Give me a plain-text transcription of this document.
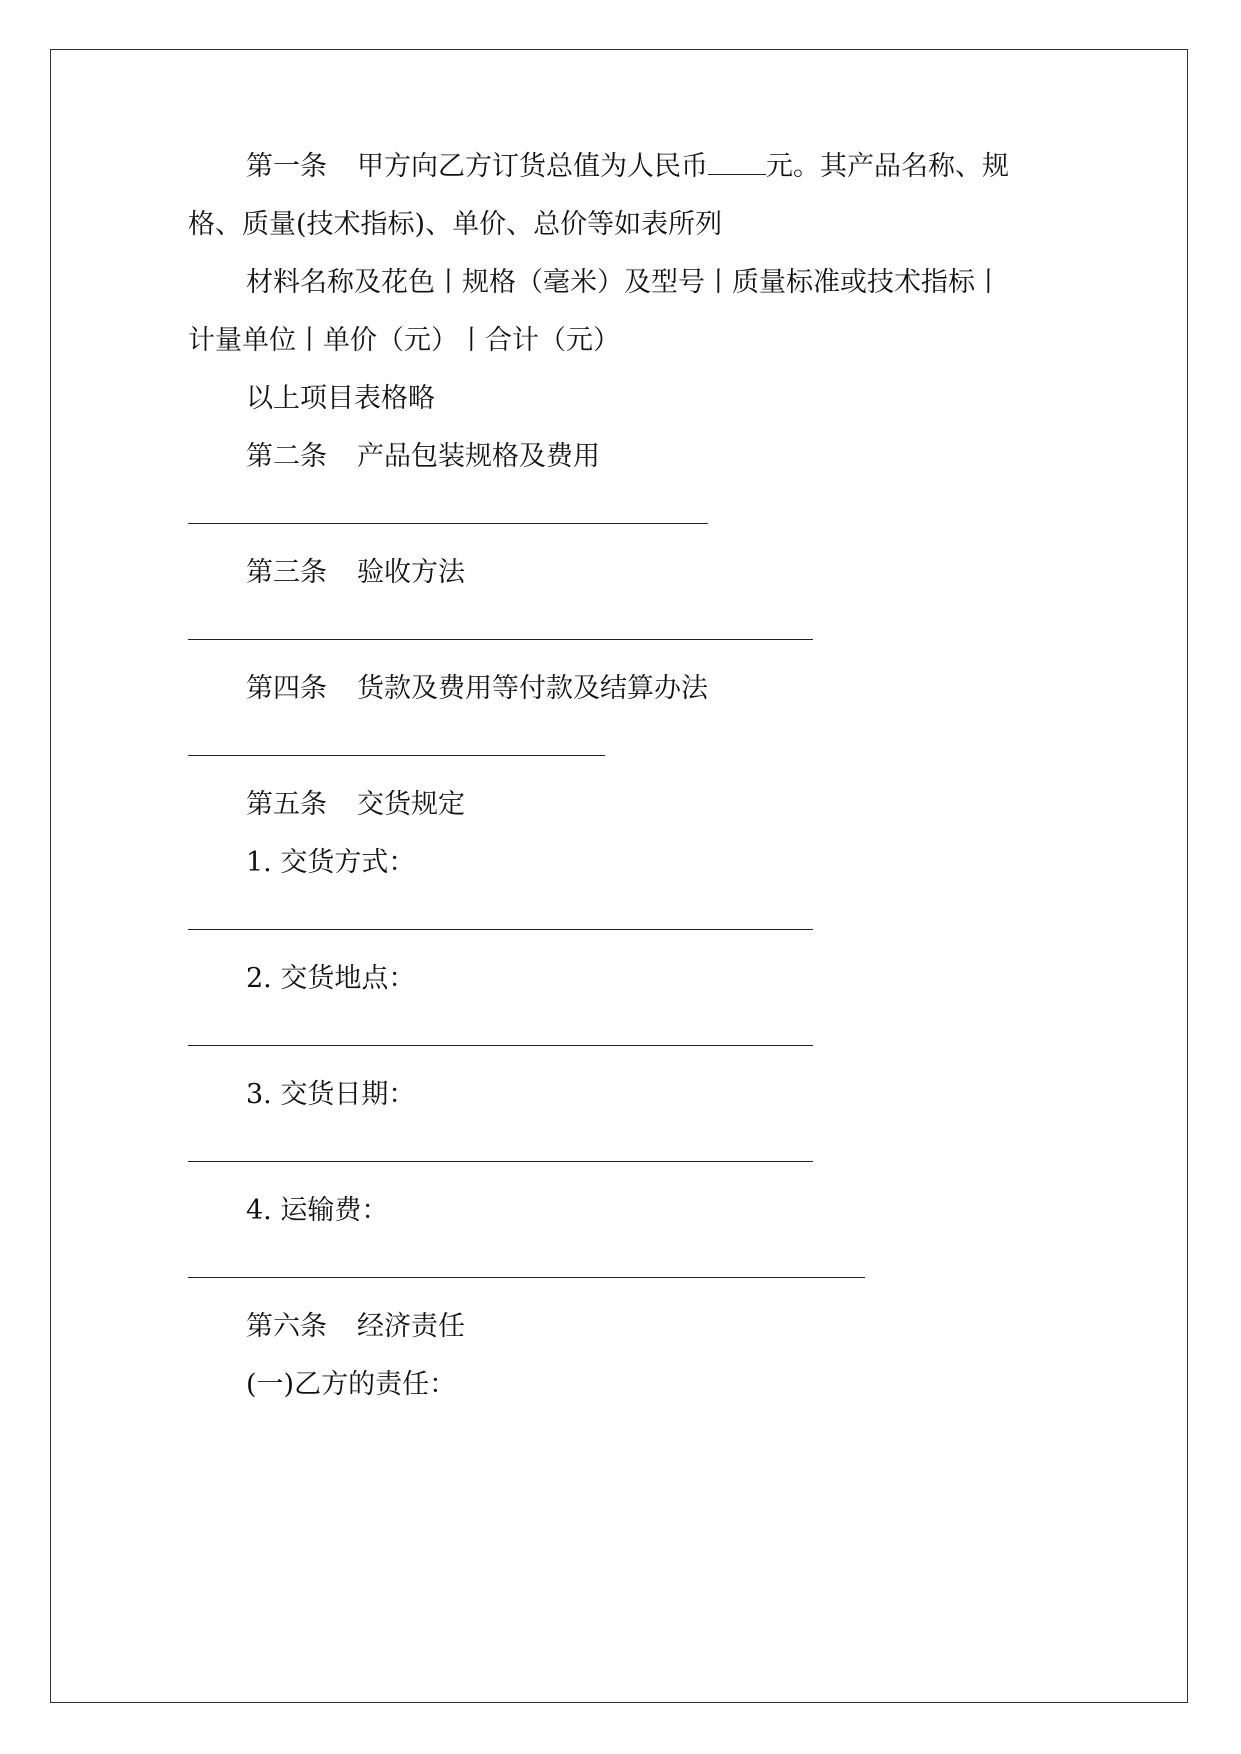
第一条 甲方向乙方订货总值为人民币 元。其产品名称、规
格、质量(技术指标)、单价、总价等如表所列
材料名称及花色丨规格（毫米）及型号丨质量标准或技术指标丨
计量单位丨单价（元）丨合计（元）
以上项目表格略
第二条 产品包装规格及费用
第三条 验收方法
第四条 货款及费用等付款及结算办法
第五条 交货规定
1. 交货方式：
2. 交货地点：
3. 交货日期：
4. 运输费：
第六条 经济责任
(一)乙方的责任：
